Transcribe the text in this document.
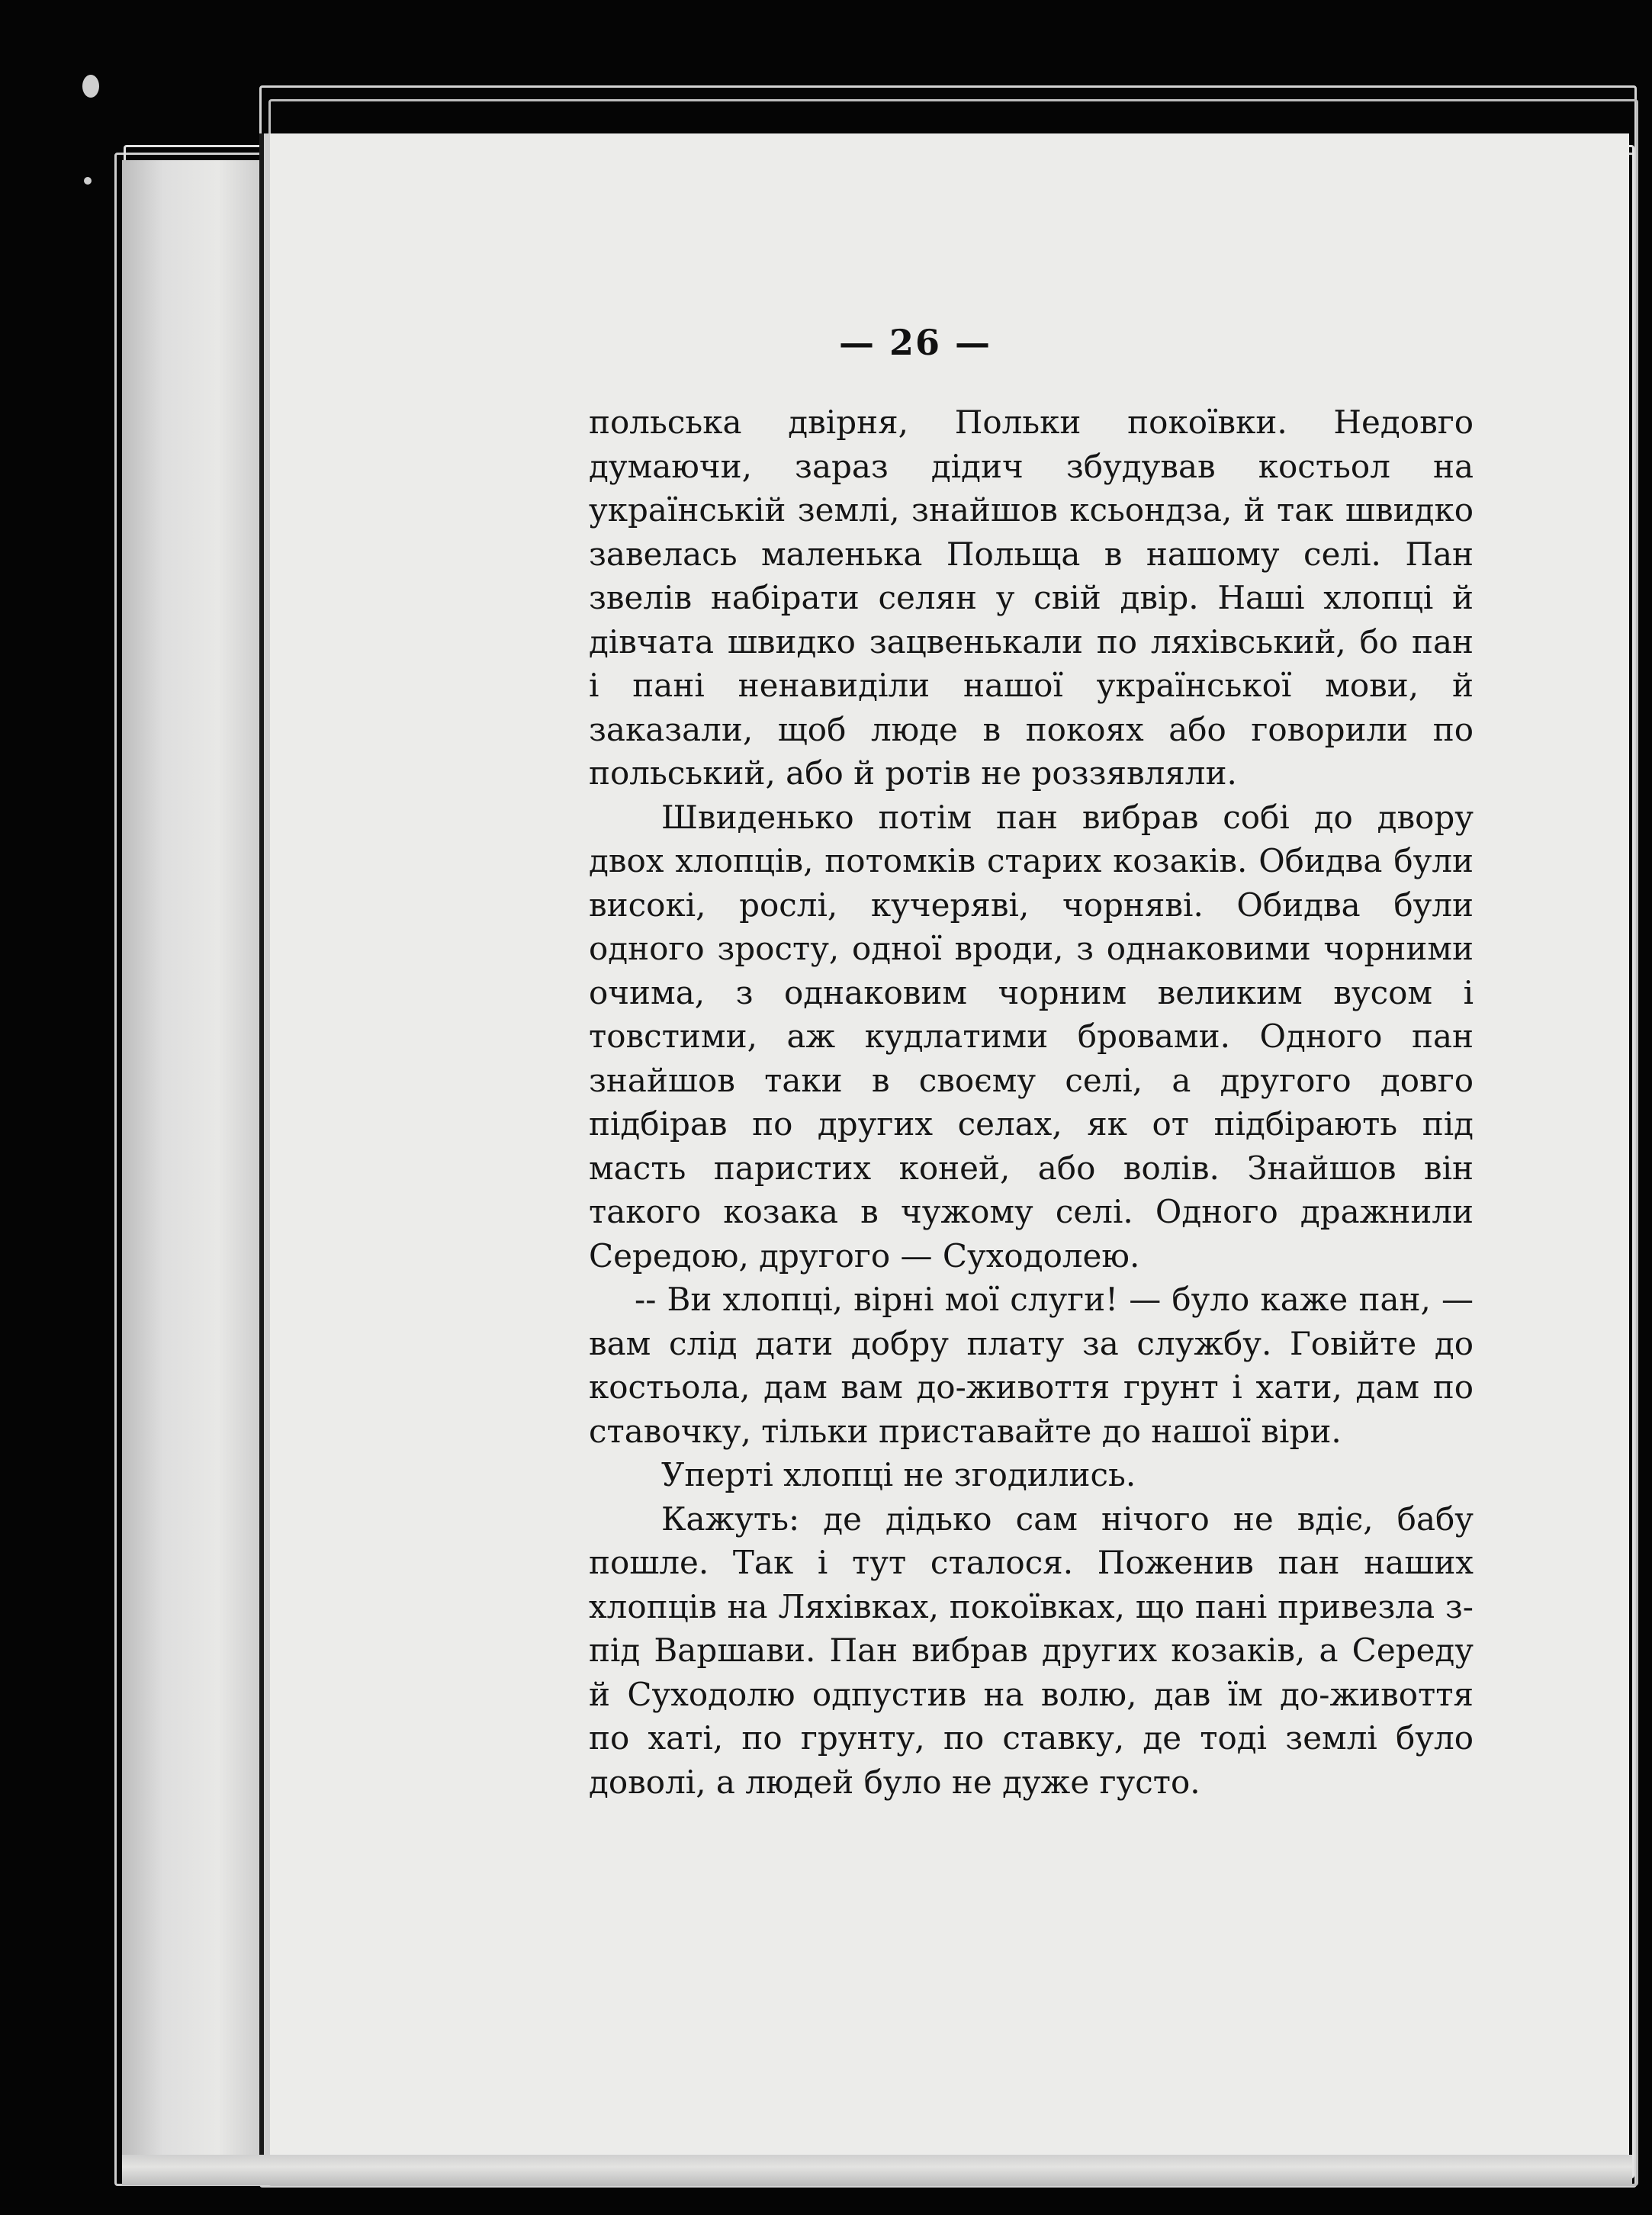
— 26 —

польська двірня, Польки покоївки. Недовго думаючи, зараз дідич збудував костьол на українській землі, знайшов ксьондза, й так швидко завелась маленька Польща в нашому селі. Пан звелів набірати селян у свій двір. Наші хлопці й дівчата швидко зацвенькали по ляхівський, бо пан і пані ненавиділи нашої української мови, й заказали, щоб люде в покоях або говорили по польський, або й ротів не роззявляли.

Швиденько потім пан вибрав собі до двору двох хлопців, потомків старих козаків. Обидва були високі, рослі, кучеряві, чорняві. Обидва були одного зросту, одної вроди, з однаковими чорними очима, з однаковим чорним великим вусом і товстими, аж кудлатими бровами. Одного пан знайшов таки в своєму селі, а другого довго підбірав по других селах, як от підбірають під масть паристих коней, або волів. Знайшов він такого козака в чужому селі. Одного дражнили Середою, другого — Суходолею.

-- Ви хлопці, вірні мої слуги! — було каже пан, — вам слід дати добру плату за службу. Говійте до костьола, дам вам до-живоття грунт і хати, дам по ставочку, тільки приставайте до нашої віри.

Уперті хлопці не згодились.

Кажуть: де дідько сам нічого не вдіє, бабу пошле. Так і тут сталося. Поженив пан наших хлопців на Ляхівках, покоївках, що пані привезла з-під Варшави. Пан вибрав других козаків, а Середу й Суходолю одпустив на волю, дав їм до-живоття по хаті, по грунту, по ставку, де тоді землі було доволі, а людей було не дуже густо.
